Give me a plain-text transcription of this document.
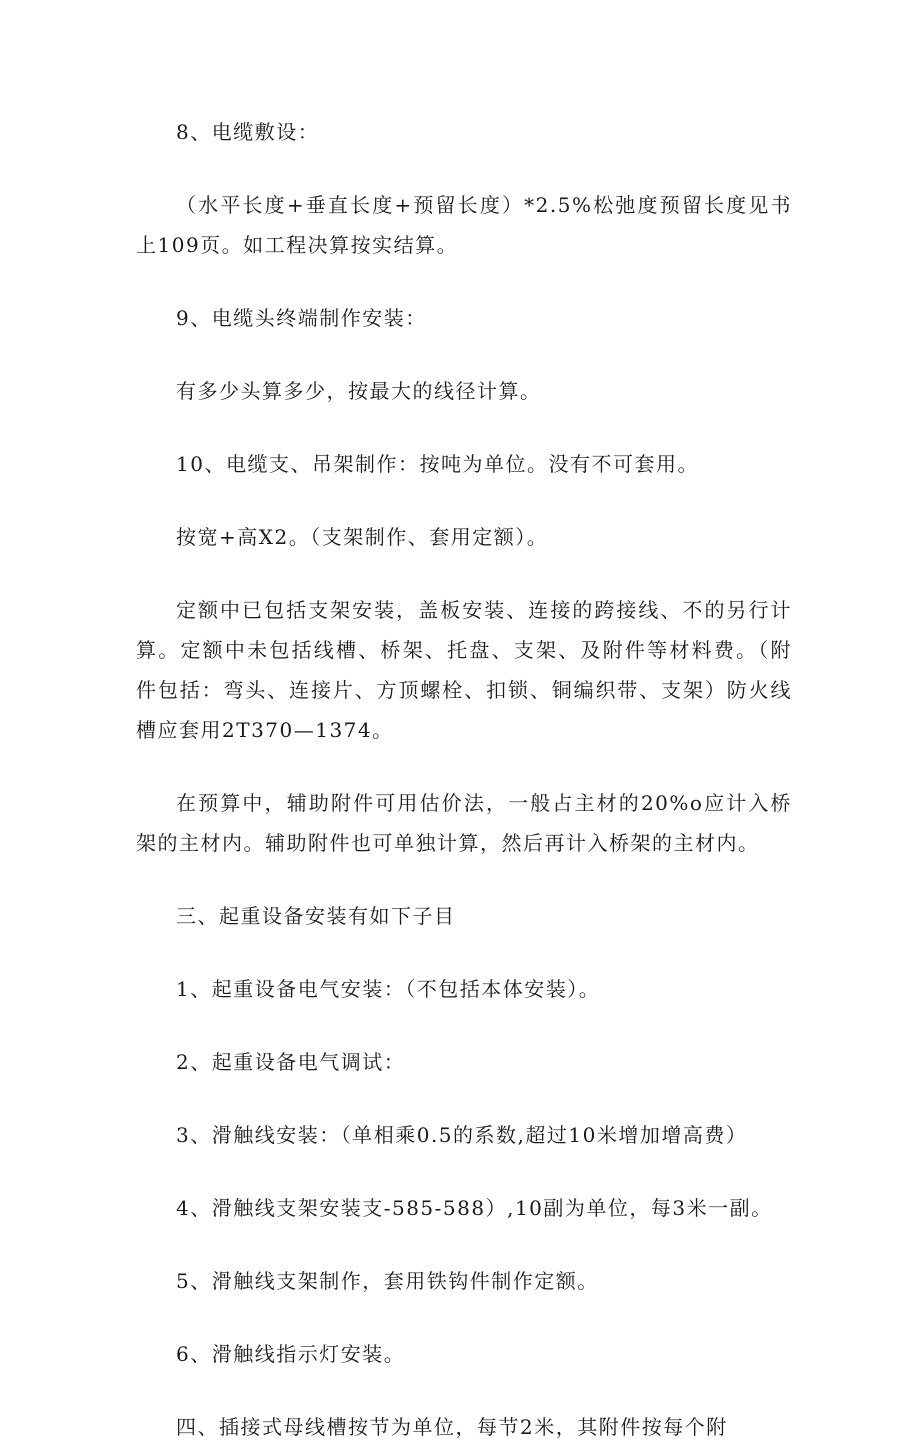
8、电缆敷设：

（水平长度+垂直长度+预留长度）*2.5%松弛度预留长度见书上109页。如工程决算按实结算。

9、电缆头终端制作安装：

有多少头算多少，按最大的线径计算。

10、电缆支、吊架制作：按吨为单位。没有不可套用。

按宽+高X2。（支架制作、套用定额）。

定额中已包括支架安装，盖板安装、连接的跨接线、不的另行计算。定额中未包括线槽、桥架、托盘、支架、及附件等材料费。（附件包括：弯头、连接片、方顶螺栓、扣锁、铜编织带、支架）防火线槽应套用2T370—1374。

在预算中，辅助附件可用估价法，一般占主材的20%o应计入桥架的主材内。辅助附件也可单独计算，然后再计入桥架的主材内。

三、起重设备安装有如下子目

1、起重设备电气安装：（不包括本体安装）。

2、起重设备电气调试：

3、滑触线安装：（单相乘0.5的系数,超过10米增加增高费）

4、滑触线支架安装支-585-588）,10副为单位，每3米一副。

5、滑触线支架制作，套用铁钩件制作定额。

6、滑触线指示灯安装。

四、插接式母线槽按节为单位，每节2米，其附件按每个附
